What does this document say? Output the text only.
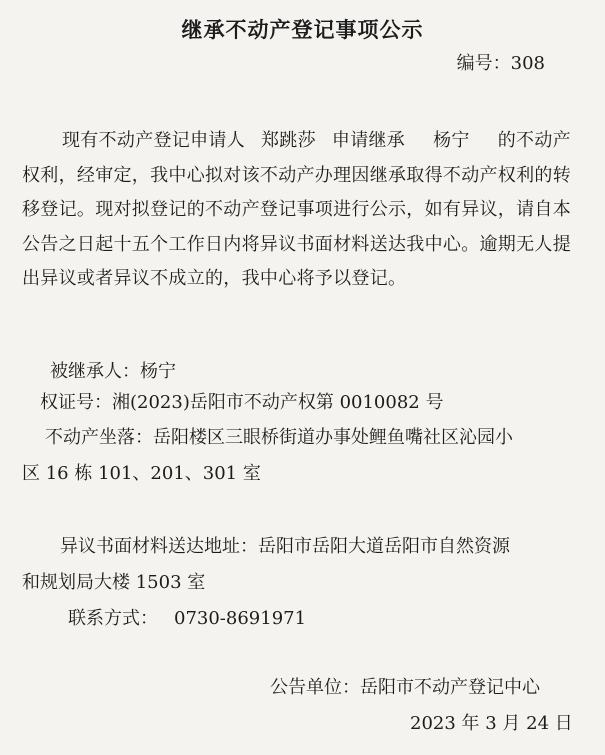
继承不动产登记事项公示
编号：308

现有不动产登记申请人 郑跳莎 申请继承 杨宁 的不动产权利，经审定，我中心拟对该不动产办理因继承取得不动产权利的转移登记。现对拟登记的不动产登记事项进行公示，如有异议，请自本公告之日起十五个工作日内将异议书面材料送达我中心。逾期无人提出异议或者异议不成立的，我中心将予以登记。

被继承人：杨宁
权证号：湘(2023)岳阳市不动产权第 0010082 号
不动产坐落：岳阳楼区三眼桥街道办事处鲤鱼嘴社区沁园小
区 16 栋 101、201、301 室
异议书面材料送达地址：岳阳市岳阳大道岳阳市自然资源
和规划局大楼 1503 室
联系方式： 0730-8691971
公告单位：岳阳市不动产登记中心
2023 年 3 月 24 日
